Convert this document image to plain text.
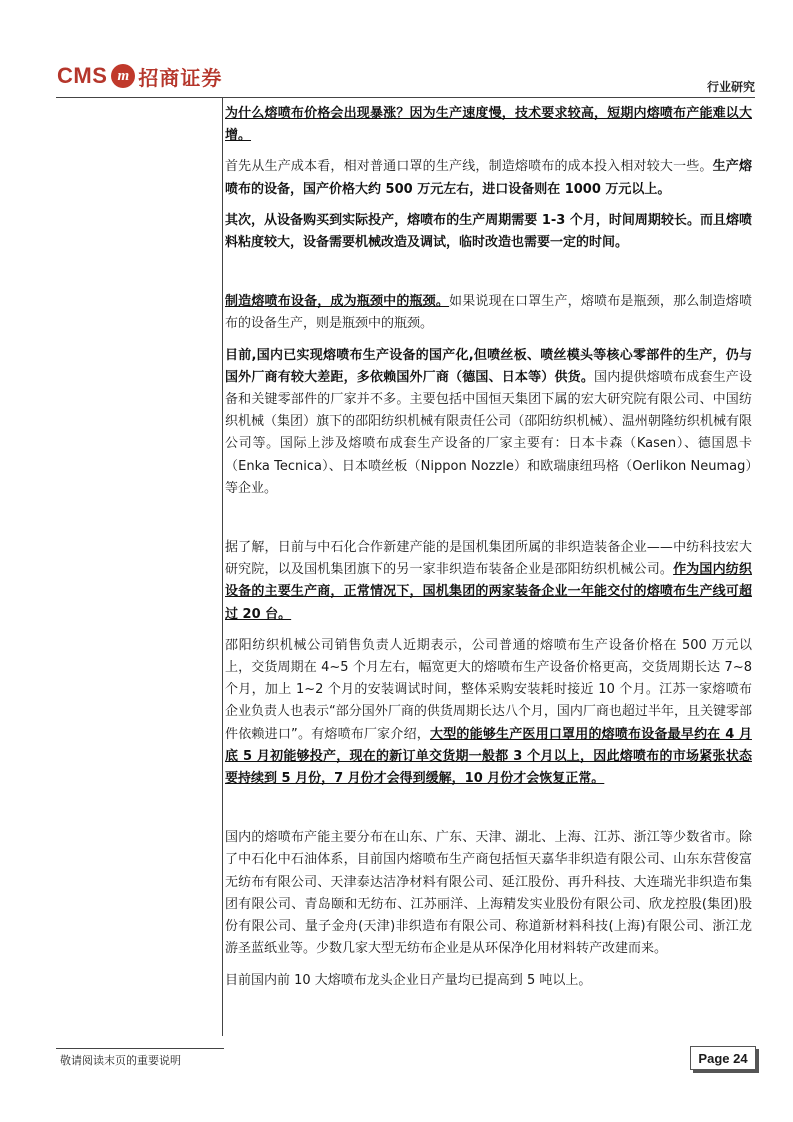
CMS m 招商证券	行业研究

为什么熔喷布价格会出现暴涨？因为生产速度慢，技术要求较高，短期内熔喷布产能难以大增。

首先从生产成本看，相对普通口罩的生产线，制造熔喷布的成本投入相对较大一些。生产熔喷布的设备，国产价格大约 500 万元左右，进口设备则在 1000 万元以上。

其次，从设备购买到实际投产，熔喷布的生产周期需要 1-3 个月，时间周期较长。而且熔喷料粘度较大，设备需要机械改造及调试，临时改造也需要一定的时间。

制造熔喷布设备，成为瓶颈中的瓶颈。如果说现在口罩生产，熔喷布是瓶颈，那么制造熔喷布的设备生产，则是瓶颈中的瓶颈。

目前,国内已实现熔喷布生产设备的国产化,但喷丝板、喷丝模头等核心零部件的生产，仍与国外厂商有较大差距，多依赖国外厂商（德国、日本等）供货。国内提供熔喷布成套生产设备和关键零部件的厂家并不多。主要包括中国恒天集团下属的宏大研究院有限公司、中国纺织机械（集团）旗下的邵阳纺织机械有限责任公司（邵阳纺织机械）、温州朝隆纺织机械有限公司等。国际上涉及熔喷布成套生产设备的厂家主要有：日本卡森（Kasen）、德国恩卡（Enka Tecnica）、日本喷丝板（Nippon Nozzle）和欧瑞康纽玛格（Oerlikon Neumag）等企业。

据了解，日前与中石化合作新建产能的是国机集团所属的非织造装备企业——中纺科技宏大研究院，以及国机集团旗下的另一家非织造布装备企业是邵阳纺织机械公司。作为国内纺织设备的主要生产商，正常情况下，国机集团的两家装备企业一年能交付的熔喷布生产线可超过 20 台。

邵阳纺织机械公司销售负责人近期表示，公司普通的熔喷布生产设备价格在 500 万元以上，交货周期在 4~5 个月左右，幅宽更大的熔喷布生产设备价格更高，交货周期长达 7~8 个月，加上 1~2 个月的安装调试时间，整体采购安装耗时接近 10 个月。江苏一家熔喷布企业负责人也表示“部分国外厂商的供货周期长达八个月，国内厂商也超过半年，且关键零部件依赖进口”。有熔喷布厂家介绍，大型的能够生产医用口罩用的熔喷布设备最早约在 4 月底 5 月初能够投产，现在的新订单交货期一般都 3 个月以上，因此熔喷布的市场紧张状态要持续到 5 月份，7 月份才会得到缓解，10 月份才会恢复正常。

国内的熔喷布产能主要分布在山东、广东、天津、湖北、上海、江苏、浙江等少数省市。除了中石化中石油体系，目前国内熔喷布生产商包括恒天嘉华非织造有限公司、山东东营俊富无纺布有限公司、天津泰达洁净材料有限公司、延江股份、再升科技、大连瑞光非织造布集团有限公司、青岛颐和无纺布、江苏丽洋、上海精发实业股份有限公司、欣龙控股(集团)股份有限公司、量子金舟(天津)非织造布有限公司、称道新材料科技(上海)有限公司、浙江龙游圣蓝纸业等。少数几家大型无纺布企业是从环保净化用材料转产改建而来。

目前国内前 10 大熔喷布龙头企业日产量均已提高到 5 吨以上。

敬请阅读末页的重要说明	Page 24
